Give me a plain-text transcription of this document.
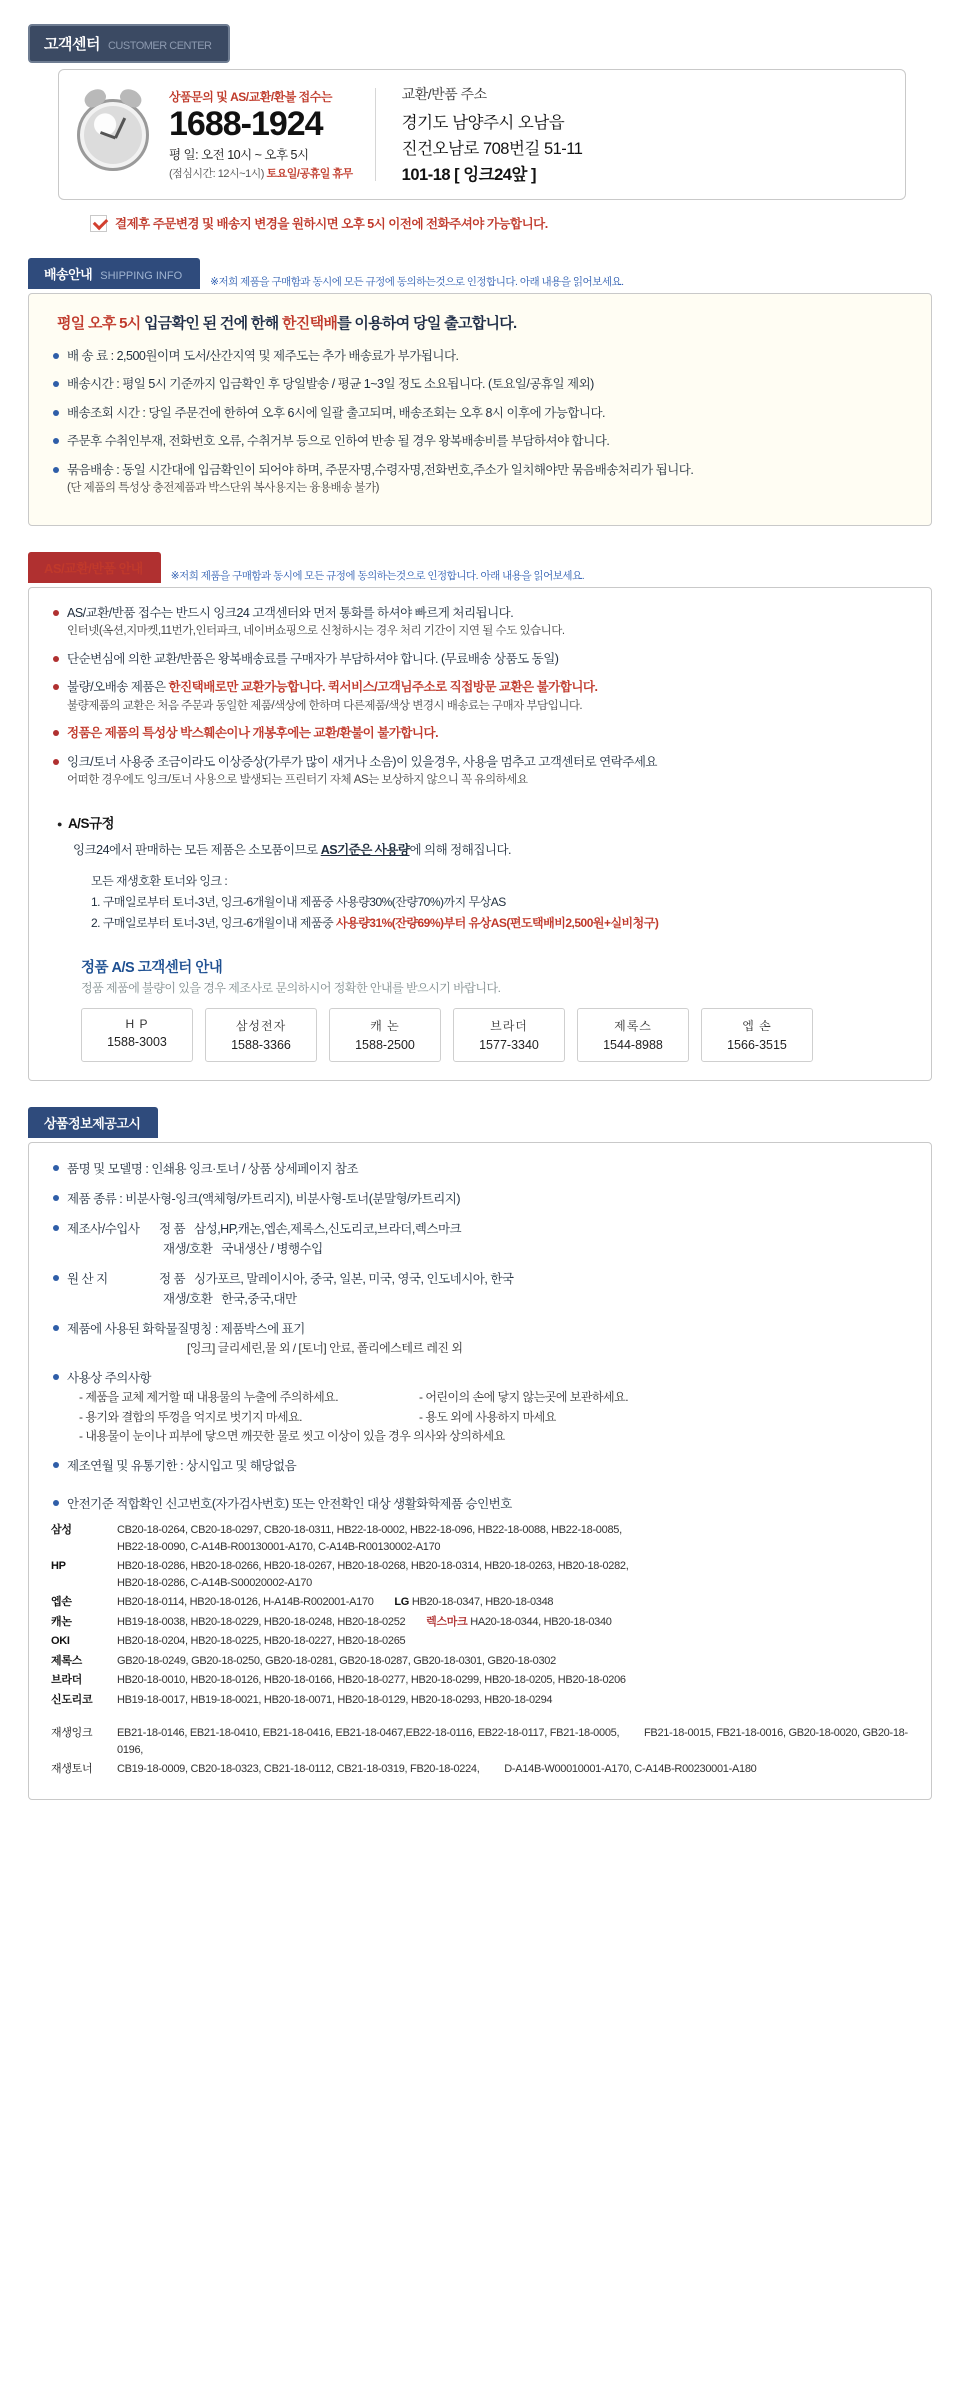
고객센터 CUSTOMER CENTER
상품문의 및 AS/교환/환불 접수는
1688-1924
평 일: 오전 10시 ~ 오후 5시
(점심시간: 12시~1시) 토요일/공휴일 휴무
교환/반품 주소
경기도 남양주시 오남읍
진건오남로 708번길 51-11
101-18 [ 잉크24앞 ]
결제후 주문변경 및 배송지 변경을 원하시면 오후 5시 이전에 전화주셔야 가능합니다.
배송안내 SHIPPING INFO	※저희 제품을 구매함과 동시에 모든 규정에 동의하는것으로 인정합니다. 아래 내용을 읽어보세요.
평일 오후 5시 입금확인 된 건에 한해 한진택배를 이용하여 당일 출고합니다.
배 송 료 : 2,500원이며 도서/산간지역 및 제주도는 추가 배송료가 부가됩니다.
배송시간 : 평일 5시 기준까지 입금확인 후 당일발송 / 평균 1~3일 정도 소요됩니다. (토요일/공휴일 제외)
배송조회 시간 : 당일 주문건에 한하여 오후 6시에 일괄 출고되며, 배송조회는 오후 8시 이후에 가능합니다.
주문후 수취인부재, 전화번호 오류, 수취거부 등으로 인하여 반송 될 경우 왕복배송비를 부담하셔야 합니다.
묶음배송 : 동일 시간대에 입금확인이 되어야 하며, 주문자명,수령자명,전화번호,주소가 일치해야만 묶음배송처리가 됩니다.
(단 제품의 특성상 충전제품과 박스단위 복사용지는 융용배송 불가)
AS/교환/반품 안내	※저희 제품을 구매함과 동시에 모든 규정에 동의하는것으로 인정합니다. 아래 내용을 읽어보세요.
AS/교환/반품 접수는 반드시 잉크24 고객센터와 먼저 통화를 하셔야 빠르게 처리됩니다.
인터넷(옥션,지마켓,11번가,인터파크, 네이버쇼핑으로 신청하시는 경우 처리 기간이 지연 될 수도 있습니다.
단순변심에 의한 교환/반품은 왕복배송료를 구매자가 부담하셔야 합니다. (무료배송 상품도 동일)
불량/오배송 제품은 한진택배로만 교환가능합니다. 퀵서비스/고객님주소로 직접방문 교환은 불가합니다.
불량제품의 교환은 처음 주문과 동일한 제품/색상에 한하며 다른제품/색상 변경시 배송료는 구매자 부담입니다.
정품은 제품의 특성상 박스훼손이나 개봉후에는 교환/환불이 불가합니다.
잉크/토너 사용중 조금이라도 이상증상(가루가 많이 새거나 소음)이 있을경우, 사용을 멈추고 고객센터로 연락주세요
어떠한 경우에도 잉크/토너 사용으로 발생되는 프린터기 자체 AS는 보상하지 않으니 꼭 유의하세요
● A/S규정
잉크24에서 판매하는 모든 제품은 소모품이므로 AS기준은 사용량에 의해 정해집니다.
모든 재생호환 토너와 잉크 :
1. 구매일로부터 토너-3년, 잉크-6개월이내 제품중 사용량30%(잔량70%)까지 무상AS
2. 구매일로부터 토너-3년, 잉크-6개월이내 제품중 사용량31%(잔량69%)부터 유상AS(편도택배비2,500원+실비청구)
정품 A/S 고객센터 안내
정품 제품에 불량이 있을 경우 제조사로 문의하시어 정확한 안내를 받으시기 바랍니다.
H P
1588-3003
삼성전자
1588-3366
캐 논
1588-2500
브라더
1577-3340
제록스
1544-8988
엡 손
1566-3515
상품정보제공고시
품명 및 모델명 : 인쇄용 잉크·토너 / 상품 상세페이지 참조
제품 종류 : 비분사형-잉크(액체형/카트리지), 비분사형-토너(분말형/카트리지)
제조사/수입사	정 품 삼성,HP,캐논,엡손,제록스,신도리코,브라더,렉스마크
재생/호환 국내생산 / 병행수입
원 산 지	정 품 싱가포르, 말레이시아, 중국, 일본, 미국, 영국, 인도네시아, 한국
재생/호환 한국,중국,대만
제품에 사용된 화학물질명칭 : 제품박스에 표기
[잉크] 글리세린,물 외 / [토너] 안료, 폴리에스테르 레진 외
사용상 주의사항
- 제품을 교체 제거할 때 내용물의 누출에 주의하세요.	- 어린이의 손에 닿지 않는곳에 보관하세요.
- 용기와 결합의 뚜껑을 억지로 벗기지 마세요.	- 용도 외에 사용하지 마세요
- 내용물이 눈이나 피부에 닿으면 깨끗한 물로 씻고 이상이 있을 경우 의사와 상의하세요
제조연월 및 유통기한 : 상시입고 및 해당없음
안전기준 적합확인 신고번호(자가검사번호) 또는 안전확인 대상 생활화학제품 승인번호
삼성	CB20-18-0264, CB20-18-0297, CB20-18-0311, HB22-18-0002, HB22-18-096, HB22-18-0088, HB22-18-0085,
HB22-18-0090, C-A14B-R00130001-A170, C-A14B-R00130002-A170
HP	HB20-18-0286, HB20-18-0266, HB20-18-0267, HB20-18-0268, HB20-18-0314, HB20-18-0263, HB20-18-0282,
HB20-18-0286, C-A14B-S00020002-A170
엡손	HB20-18-0114, HB20-18-0126, H-A14B-R002001-A170 LG HB20-18-0347, HB20-18-0348
캐논	HB19-18-0038, HB20-18-0229, HB20-18-0248, HB20-18-0252 렉스마크 HA20-18-0344, HB20-18-0340
OKI	HB20-18-0204, HB20-18-0225, HB20-18-0227, HB20-18-0265
제록스	GB20-18-0249, GB20-18-0250, GB20-18-0281, GB20-18-0287, GB20-18-0301, GB20-18-0302
브라더	HB20-18-0010, HB20-18-0126, HB20-18-0166, HB20-18-0277, HB20-18-0299, HB20-18-0205, HB20-18-0206
신도리코	HB19-18-0017, HB19-18-0021, HB20-18-0071, HB20-18-0129, HB20-18-0293, HB20-18-0294
재생잉크	EB21-18-0146, EB21-18-0410, EB21-18-0416, EB21-18-0467,EB22-18-0116, EB22-18-0117, FB21-18-0005, FB21-18-0015, FB21-18-0016, GB20-18-0020, GB20-18-0196,
재생토너	CB19-18-0009, CB20-18-0323, CB21-18-0112, CB21-18-0319, FB20-18-0224, D-A14B-W00010001-A170, C-A14B-R00230001-A180
